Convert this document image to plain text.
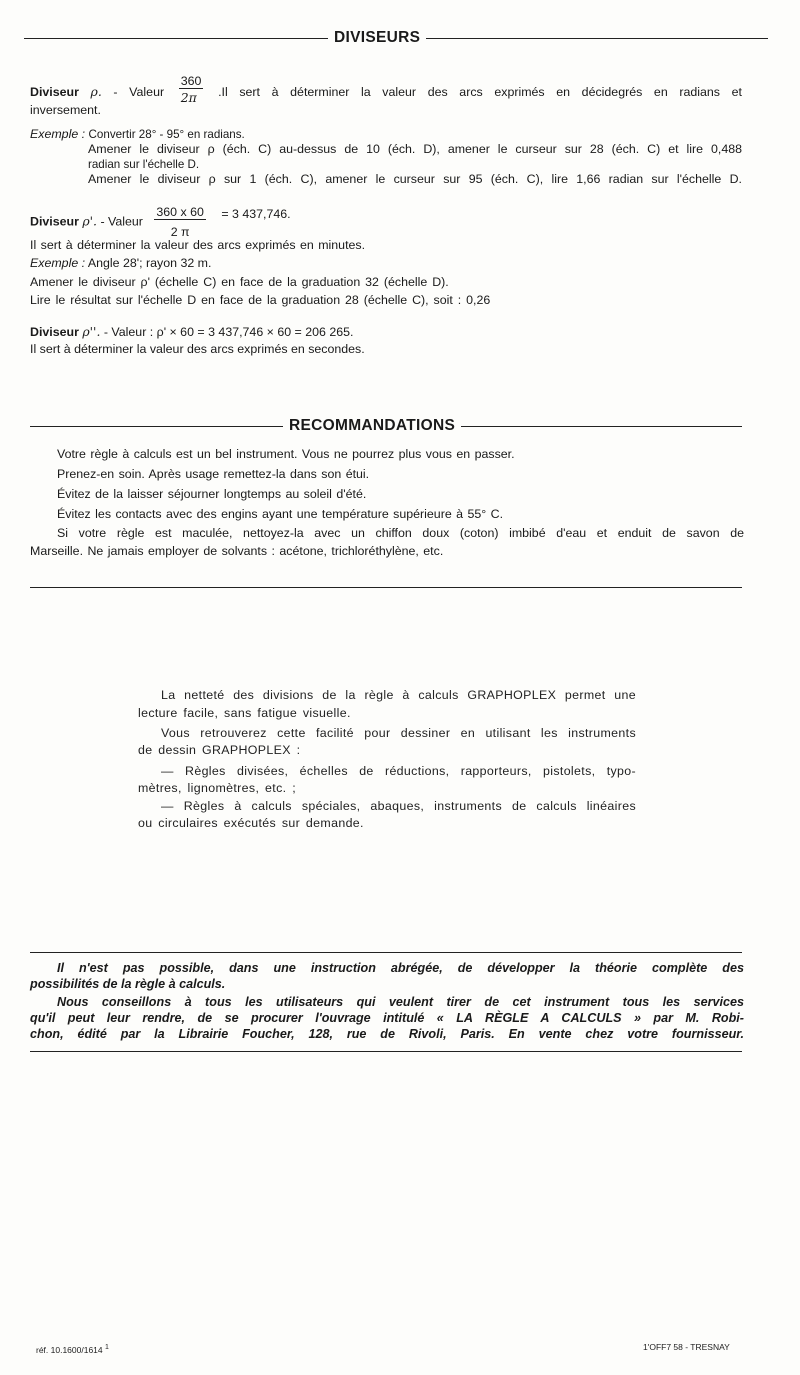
DIVISEURS
Diviseur ρ. - Valeur $\frac{360}{2\pi} .Il$ sert à déterminer la valeur des arcs exprimés en décidegrés en radians et
inversement.
Exemple : Convertir 28° - 95° en radians.
Amener le diviseur ρ (éch. C) au-dessus de 10 (éch. D), amener le curseur sur 28 (éch. C) et lire 0,488
radian sur l'échelle D.
Amener le diviseur ρ sur 1 (éch. C), amener le curseur sur 95 (éch. C), lire 1,66 radian sur l'échelle D.
Diviseur ρ'. - Valeur $\frac{360 x 60}{2 \pi} = 3$ 437,746.
Il sert à déterminer la valeur des arcs exprimés en minutes.
Exemple : Angle 28'; rayon 32 m.
Amener le diviseur ρ' (échelle C) en face de la graduation 32 (échelle D).
Lire le résultat sur l'échelle D en face de la graduation 28 (échelle C), soit : 0,26
Diviseur ρ''. - Valeur : ρ' × 60 = 3 437,746 × 60 = 206 265.
Il sert à déterminer la valeur des arcs exprimés en secondes.
RECOMMANDATIONS
Votre règle à calculs est un bel instrument. Vous ne pourrez plus vous en passer.
Prenez-en soin. Après usage remettez-la dans son étui.
Évitez de la laisser séjourner longtemps au soleil d'été.
Évitez les contacts avec des engins ayant une température supérieure à 55° C.
Si votre règle est maculée, nettoyez-la avec un chiffon doux (coton) imbibé d'eau et enduit de savon de
Marseille. Ne jamais employer de solvants : acétone, trichloréthylène, etc.
La netteté des divisions de la règle à calculs GRAPHOPLEX permet une
lecture facile, sans fatigue visuelle.
Vous retrouverez cette facilité pour dessiner en utilisant les instruments
de dessin GRAPHOPLEX :
— Règles divisées, échelles de réductions, rapporteurs, pistolets, typo-
mètres, lignomètres, etc. ;
— Règles à calculs spéciales, abaques, instruments de calculs linéaires
ou circulaires exécutés sur demande.
Il n'est pas possible, dans une instruction abrégée, de développer la théorie complète des
possibilités de la règle à calculs.
Nous conseillons à tous les utilisateurs qui veulent tirer de cet instrument tous les services
qu'il peut leur rendre, de se procurer l'ouvrage intitulé « LA RÈGLE A CALCULS » par M. Robi-
chon, édité par la Librairie Foucher, 128, rue de Rivoli, Paris. En vente chez votre fournisseur.
réf. 10.1600/1614 $^1$	1'OFF7 58 - TRESNAY
